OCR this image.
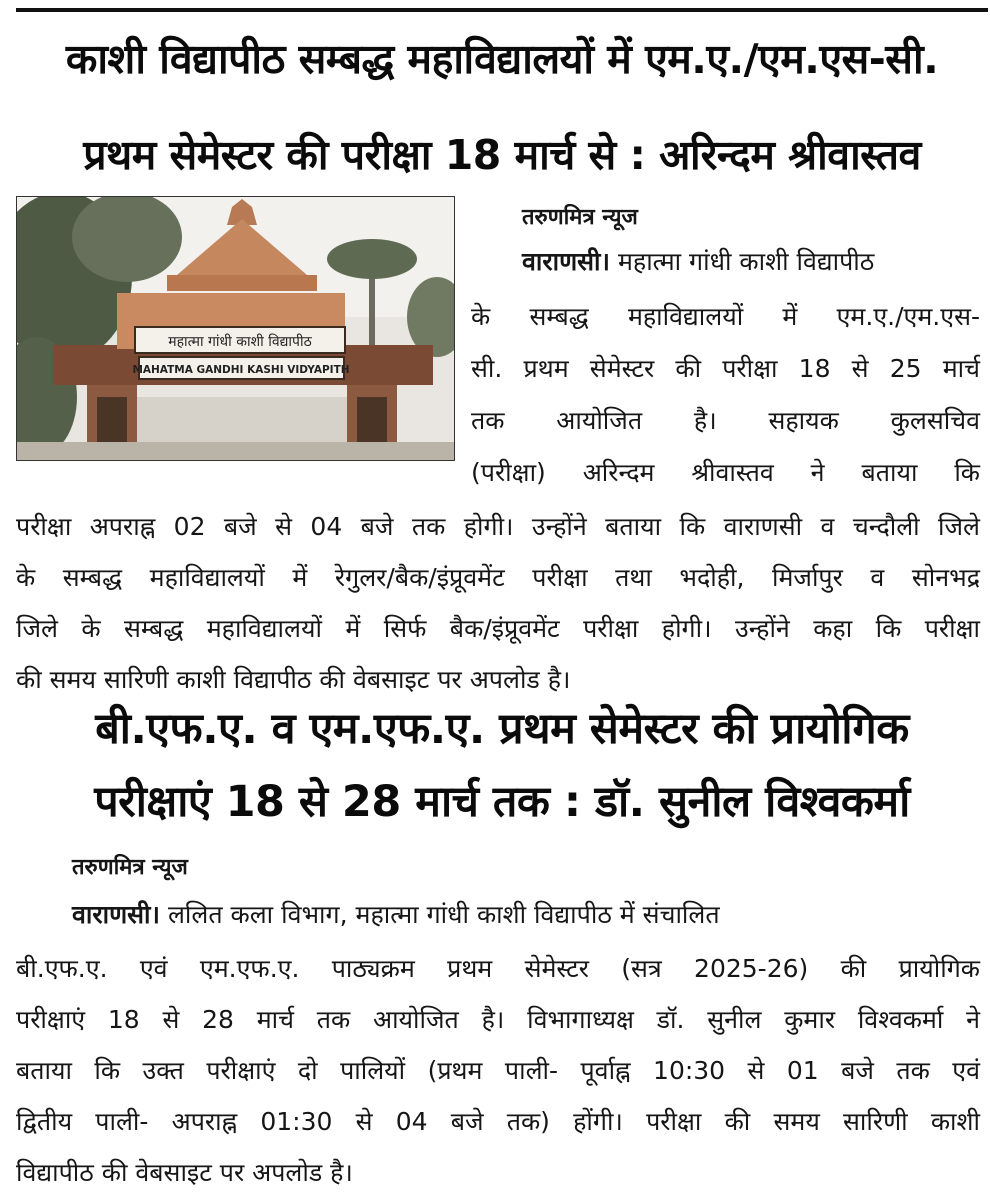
काशी विद्यापीठ सम्बद्ध महाविद्यालयों में एम.ए./एम.एस-सी.
प्रथम सेमेस्टर की परीक्षा 18 मार्च से : अरिन्दम श्रीवास्तव
महात्मा गांधी काशी विद्यापीठ
MAHATMA GANDHI KASHI VIDYAPITH
तरुणमित्र न्यूज
वाराणसी। महात्मा गांधी काशी विद्यापीठ
के सम्बद्ध महाविद्यालयों में एम.ए./एम.एस-
सी. प्रथम सेमेस्टर की परीक्षा 18 से 25 मार्च
तक आयोजित है। सहायक कुलसचिव
(परीक्षा) अरिन्दम श्रीवास्तव ने बताया कि
परीक्षा अपराह्न 02 बजे से 04 बजे तक होगी। उन्होंने बताया कि वाराणसी व चन्दौली जिले
के सम्बद्ध महाविद्यालयों में रेगुलर/बैक/इंप्रूवमेंट परीक्षा तथा भदोही, मिर्जापुर व सोनभद्र
जिले के सम्बद्ध महाविद्यालयों में सिर्फ बैक/इंप्रूवमेंट परीक्षा होगी। उन्होंने कहा कि परीक्षा
की समय सारिणी काशी विद्यापीठ की वेबसाइट पर अपलोड है।
बी.एफ.ए. व एम.एफ.ए. प्रथम सेमेस्टर की प्रायोगिक
परीक्षाएं 18 से 28 मार्च तक : डॉ. सुनील विश्वकर्मा
तरुणमित्र न्यूज
वाराणसी। ललित कला विभाग, महात्मा गांधी काशी विद्यापीठ में संचालित
बी.एफ.ए. एवं एम.एफ.ए. पाठ्यक्रम प्रथम सेमेस्टर (सत्र 2025-26) की प्रायोगिक
परीक्षाएं 18 से 28 मार्च तक आयोजित है। विभागाध्यक्ष डॉ. सुनील कुमार विश्वकर्मा ने
बताया कि उक्त परीक्षाएं दो पालियों (प्रथम पाली- पूर्वाह्न 10:30 से 01 बजे तक एवं
द्वितीय पाली- अपराह्न 01:30 से 04 बजे तक) होंगी। परीक्षा की समय सारिणी काशी
विद्यापीठ की वेबसाइट पर अपलोड है।
